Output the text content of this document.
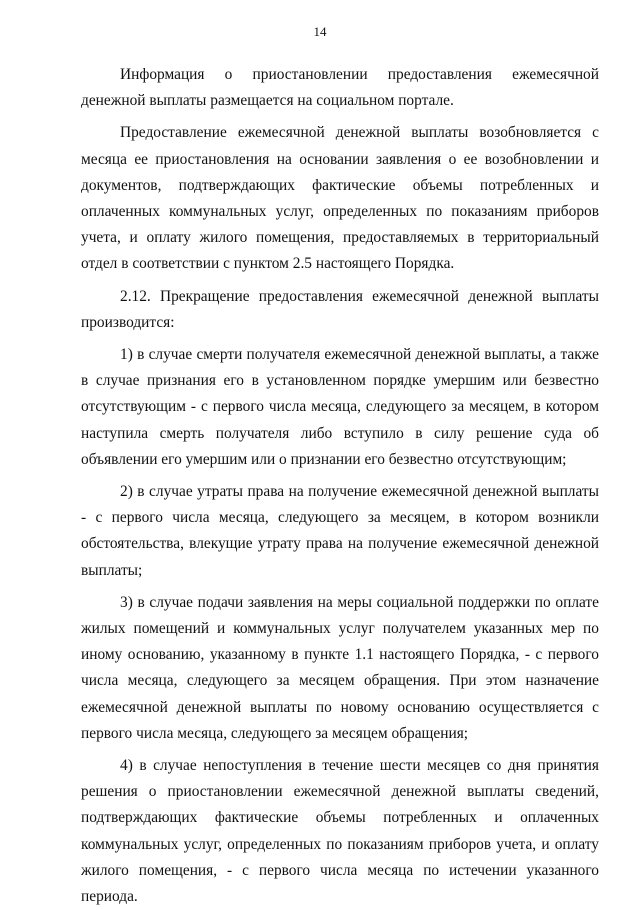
14

Информация о приостановлении предоставления ежемесячной денежной выплаты размещается на социальном портале.

Предоставление ежемесячной денежной выплаты возобновляется с месяца ее приостановления на основании заявления о ее возобновлении и документов, подтверждающих фактические объемы потребленных и оплаченных коммунальных услуг, определенных по показаниям приборов учета, и оплату жилого помещения, предоставляемых в территориальный отдел в соответствии с пунктом 2.5 настоящего Порядка.

2.12. Прекращение предоставления ежемесячной денежной выплаты производится:

1) в случае смерти получателя ежемесячной денежной выплаты, а также в случае признания его в установленном порядке умершим или безвестно отсутствующим - с первого числа месяца, следующего за месяцем, в котором наступила смерть получателя либо вступило в силу решение суда об объявлении его умершим или о признании его безвестно отсутствующим;

2) в случае утраты права на получение ежемесячной денежной выплаты - с первого числа месяца, следующего за месяцем, в котором возникли обстоятельства, влекущие утрату права на получение ежемесячной денежной выплаты;

3) в случае подачи заявления на меры социальной поддержки по оплате жилых помещений и коммунальных услуг получателем указанных мер по иному основанию, указанному в пункте 1.1 настоящего Порядка, - с первого числа месяца, следующего за месяцем обращения. При этом назначение ежемесячной денежной выплаты по новому основанию осуществляется с первого числа месяца, следующего за месяцем обращения;

4) в случае непоступления в течение шести месяцев со дня принятия решения о приостановлении ежемесячной денежной выплаты сведений, подтверждающих фактические объемы потребленных и оплаченных коммунальных услуг, определенных по показаниям приборов учета, и оплату жилого помещения, - с первого числа месяца по истечении указанного периода.
